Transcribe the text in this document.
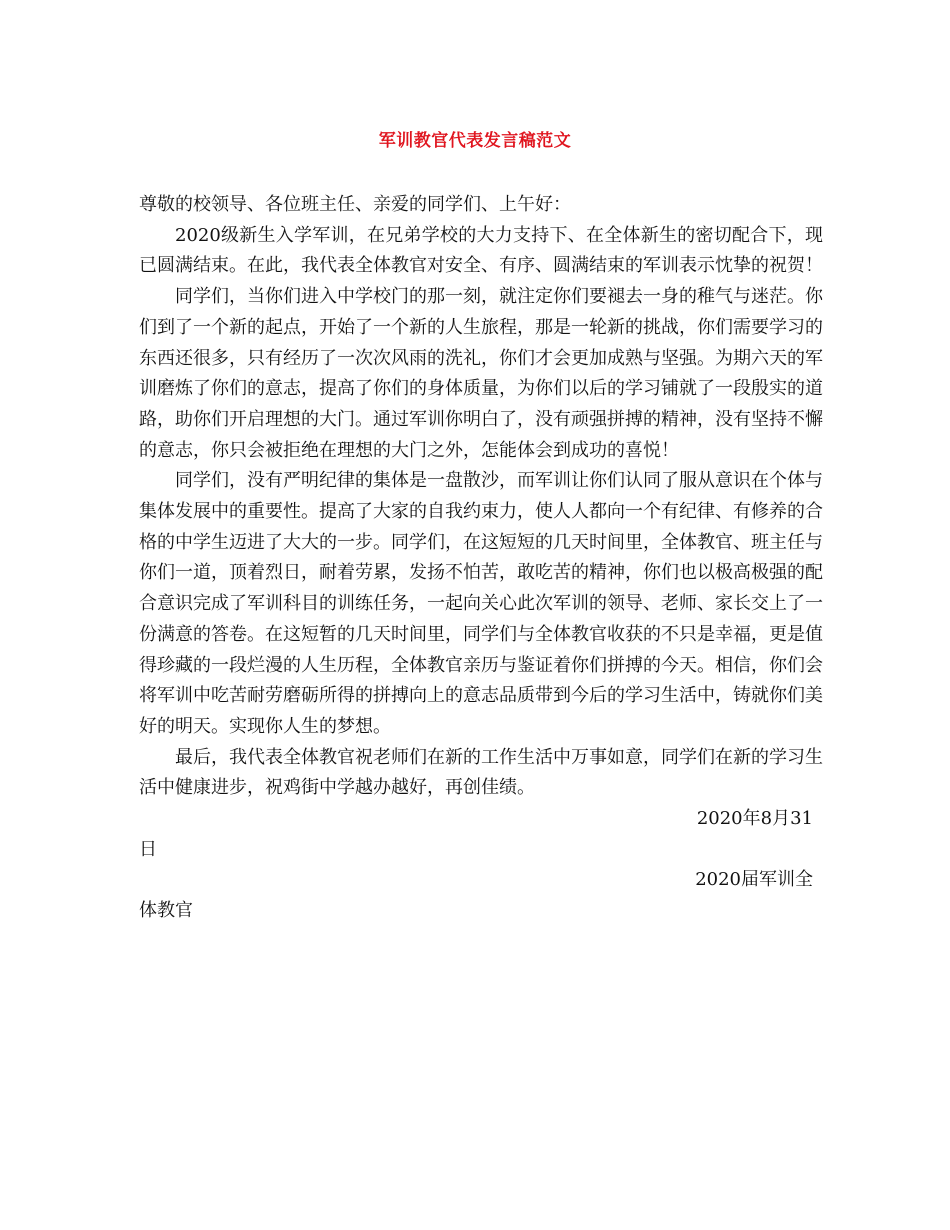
军训教官代表发言稿范文

尊敬的校领导、各位班主任、亲爱的同学们、上午好：

2020级新生入学军训，在兄弟学校的大力支持下、在全体新生的密切配合下，现已圆满结束。在此，我代表全体教官对安全、有序、圆满结束的军训表示忱挚的祝贺！

同学们，当你们进入中学校门的那一刻，就注定你们要褪去一身的稚气与迷茫。你们到了一个新的起点，开始了一个新的人生旅程，那是一轮新的挑战，你们需要学习的东西还很多，只有经历了一次次风雨的洗礼，你们才会更加成熟与坚强。为期六天的军训磨炼了你们的意志，提高了你们的身体质量，为你们以后的学习铺就了一段殷实的道路，助你们开启理想的大门。通过军训你明白了，没有顽强拼搏的精神，没有坚持不懈的意志，你只会被拒绝在理想的大门之外，怎能体会到成功的喜悦！

同学们，没有严明纪律的集体是一盘散沙，而军训让你们认同了服从意识在个体与集体发展中的重要性。提高了大家的自我约束力，使人人都向一个有纪律、有修养的合格的中学生迈进了大大的一步。同学们，在这短短的几天时间里，全体教官、班主任与你们一道，顶着烈日，耐着劳累，发扬不怕苦，敢吃苦的精神，你们也以极高极强的配合意识完成了军训科目的训练任务，一起向关心此次军训的领导、老师、家长交上了一份满意的答卷。在这短暂的几天时间里，同学们与全体教官收获的不只是幸福，更是值得珍藏的一段烂漫的人生历程，全体教官亲历与鉴证着你们拼搏的今天。相信，你们会将军训中吃苦耐劳磨砺所得的拼搏向上的意志品质带到今后的学习生活中，铸就你们美好的明天。实现你人生的梦想。

最后，我代表全体教官祝老师们在新的工作生活中万事如意，同学们在新的学习生活中健康进步，祝鸡街中学越办越好，再创佳绩。

2020年8月31

日

2020届军训全

体教官
